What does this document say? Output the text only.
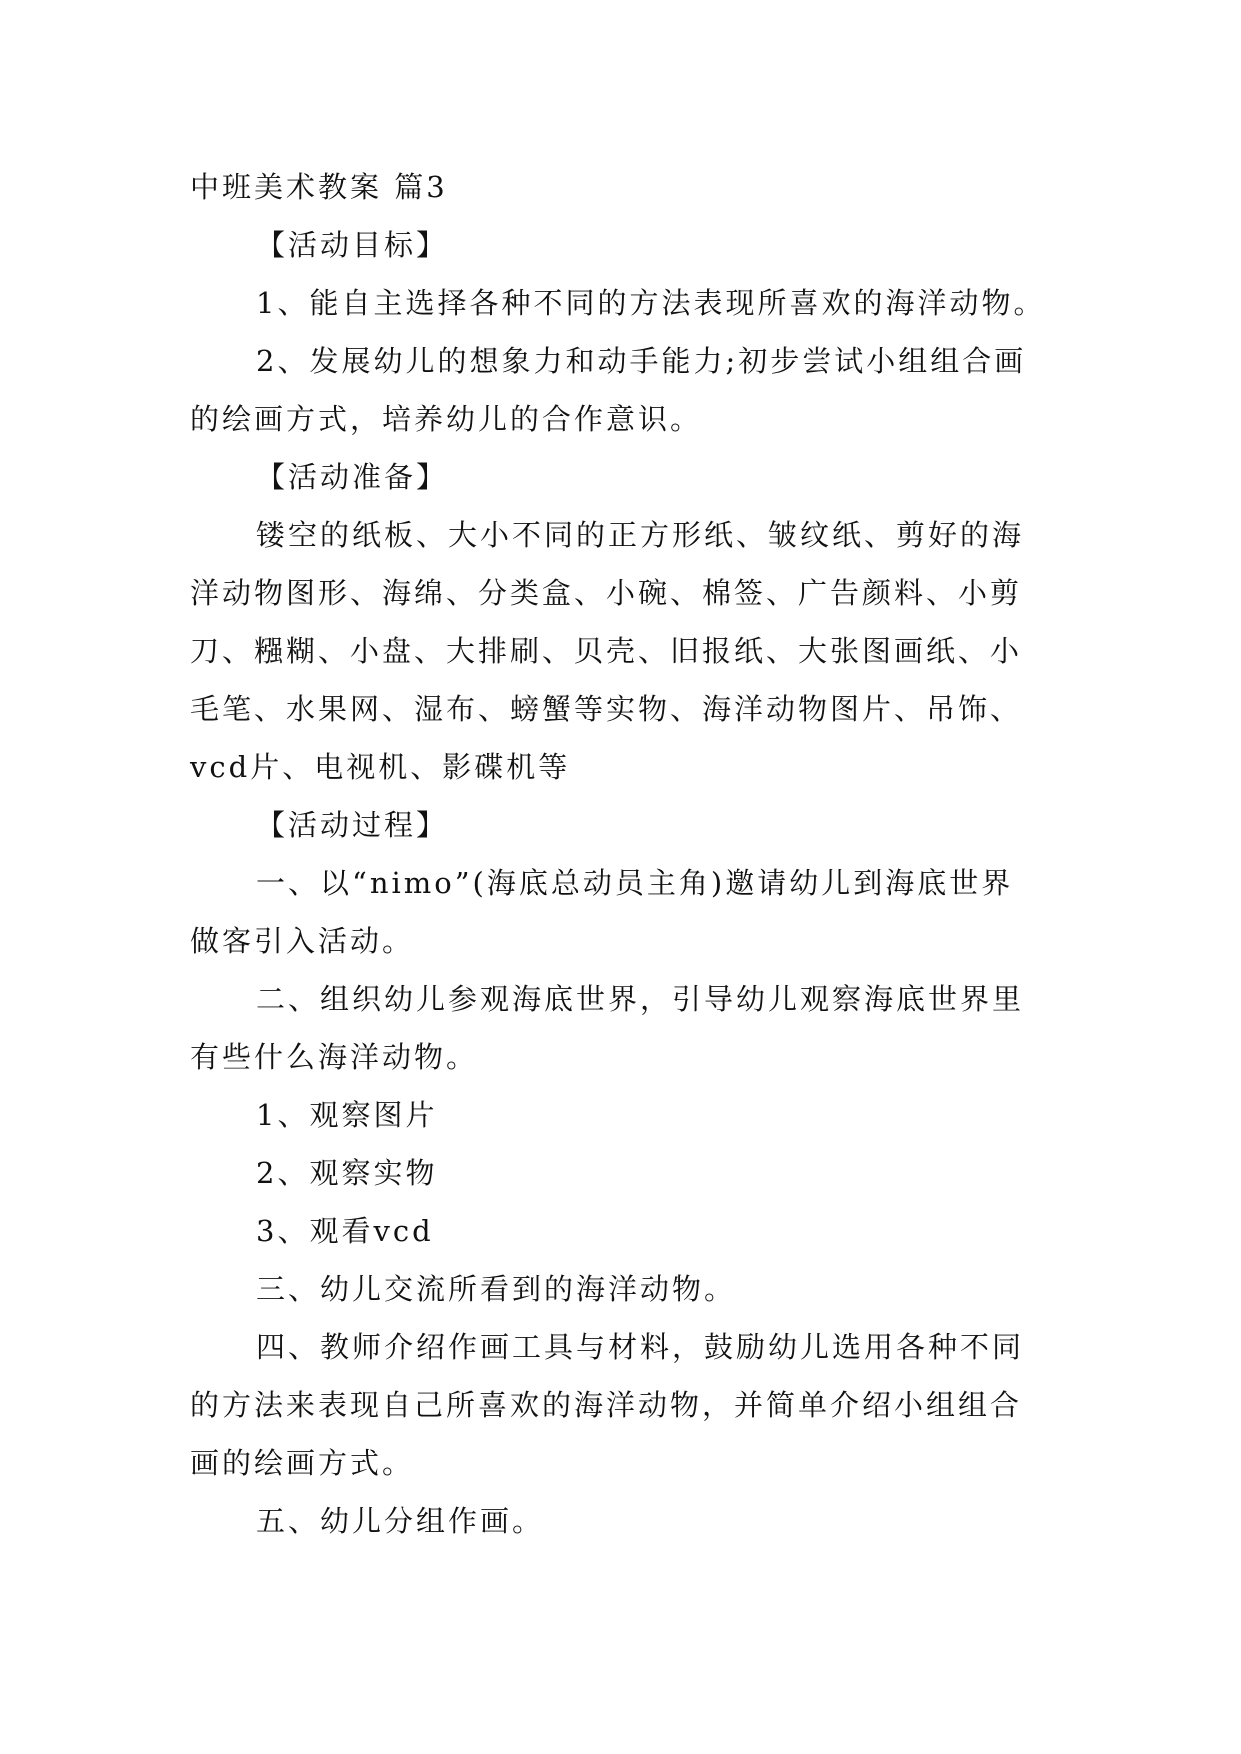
中班美术教案 篇3

【活动目标】

1、能自主选择各种不同的方法表现所喜欢的海洋动物。

2、发展幼儿的想象力和动手能力;初步尝试小组组合画

的绘画方式，培养幼儿的合作意识。

【活动准备】

镂空的纸板、大小不同的正方形纸、皱纹纸、剪好的海

洋动物图形、海绵、分类盒、小碗、棉签、广告颜料、小剪

刀、糨糊、小盘、大排刷、贝壳、旧报纸、大张图画纸、小

毛笔、水果网、湿布、螃蟹等实物、海洋动物图片、吊饰、

vcd片、电视机、影碟机等

【活动过程】

一、以“nimo”(海底总动员主角)邀请幼儿到海底世界

做客引入活动。

二、组织幼儿参观海底世界，引导幼儿观察海底世界里

有些什么海洋动物。

1、观察图片

2、观察实物

3、观看vcd

三、幼儿交流所看到的海洋动物。

四、教师介绍作画工具与材料，鼓励幼儿选用各种不同

的方法来表现自己所喜欢的海洋动物，并简单介绍小组组合

画的绘画方式。

五、幼儿分组作画。
